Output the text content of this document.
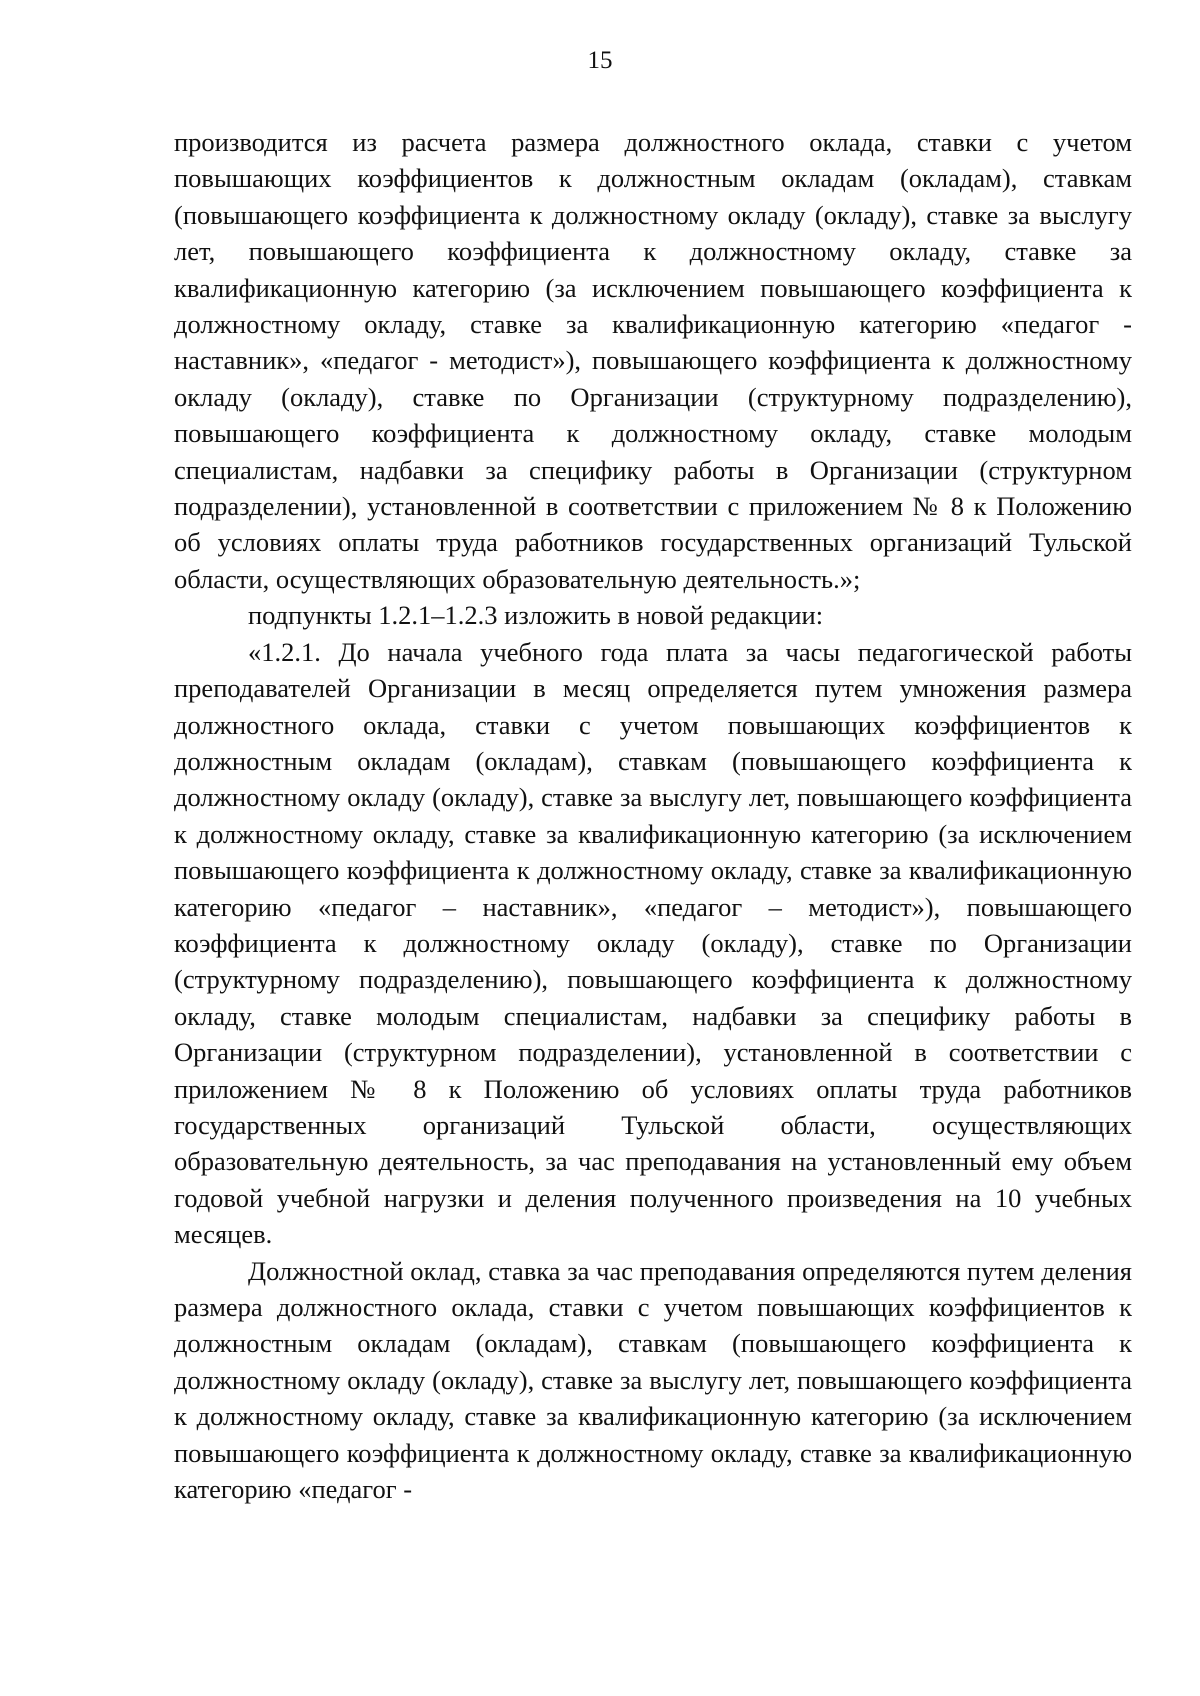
15

производится из расчета размера должностного оклада, ставки с учетом повышающих коэффициентов к должностным окладам (окладам), ставкам (повышающего коэффициента к должностному окладу (окладу), ставке за выслугу лет, повышающего коэффициента к должностному окладу, ставке за квалификационную категорию (за исключением повышающего коэффициента к должностному окладу, ставке за квалификационную категорию «педагог - наставник», «педагог - методист»), повышающего коэффициента к должностному окладу (окладу), ставке по Организации (структурному подразделению), повышающего коэффициента к должностному окладу, ставке молодым специалистам, надбавки за специфику работы в Организации (структурном подразделении), установленной в соответствии с приложением № 8 к Положению об условиях оплаты труда работников государственных организаций Тульской области, осуществляющих образовательную деятельность.»;

подпункты 1.2.1–1.2.3 изложить в новой редакции:

«1.2.1. До начала учебного года плата за часы педагогической работы преподавателей Организации в месяц определяется путем умножения размера должностного оклада, ставки с учетом повышающих коэффициентов к должностным окладам (окладам), ставкам (повышающего коэффициента к должностному окладу (окладу), ставке за выслугу лет, повышающего коэффициента к должностному окладу, ставке за квалификационную категорию (за исключением повышающего коэффициента к должностному окладу, ставке за квалификационную категорию «педагог – наставник», «педагог – методист»), повышающего коэффициента к должностному окладу (окладу), ставке по Организации (структурному подразделению), повышающего коэффициента к должностному окладу, ставке молодым специалистам, надбавки за специфику работы в Организации (структурном подразделении), установленной в соответствии с приложением № 8 к Положению об условиях оплаты труда работников государственных организаций Тульской области, осуществляющих образовательную деятельность, за час преподавания на установленный ему объем годовой учебной нагрузки и деления полученного произведения на 10 учебных месяцев.

Должностной оклад, ставка за час преподавания определяются путем деления размера должностного оклада, ставки с учетом повышающих коэффициентов к должностным окладам (окладам), ставкам (повышающего коэффициента к должностному окладу (окладу), ставке за выслугу лет, повышающего коэффициента к должностному окладу, ставке за квалификационную категорию (за исключением повышающего коэффициента к должностному окладу, ставке за квалификационную категорию «педагог -
